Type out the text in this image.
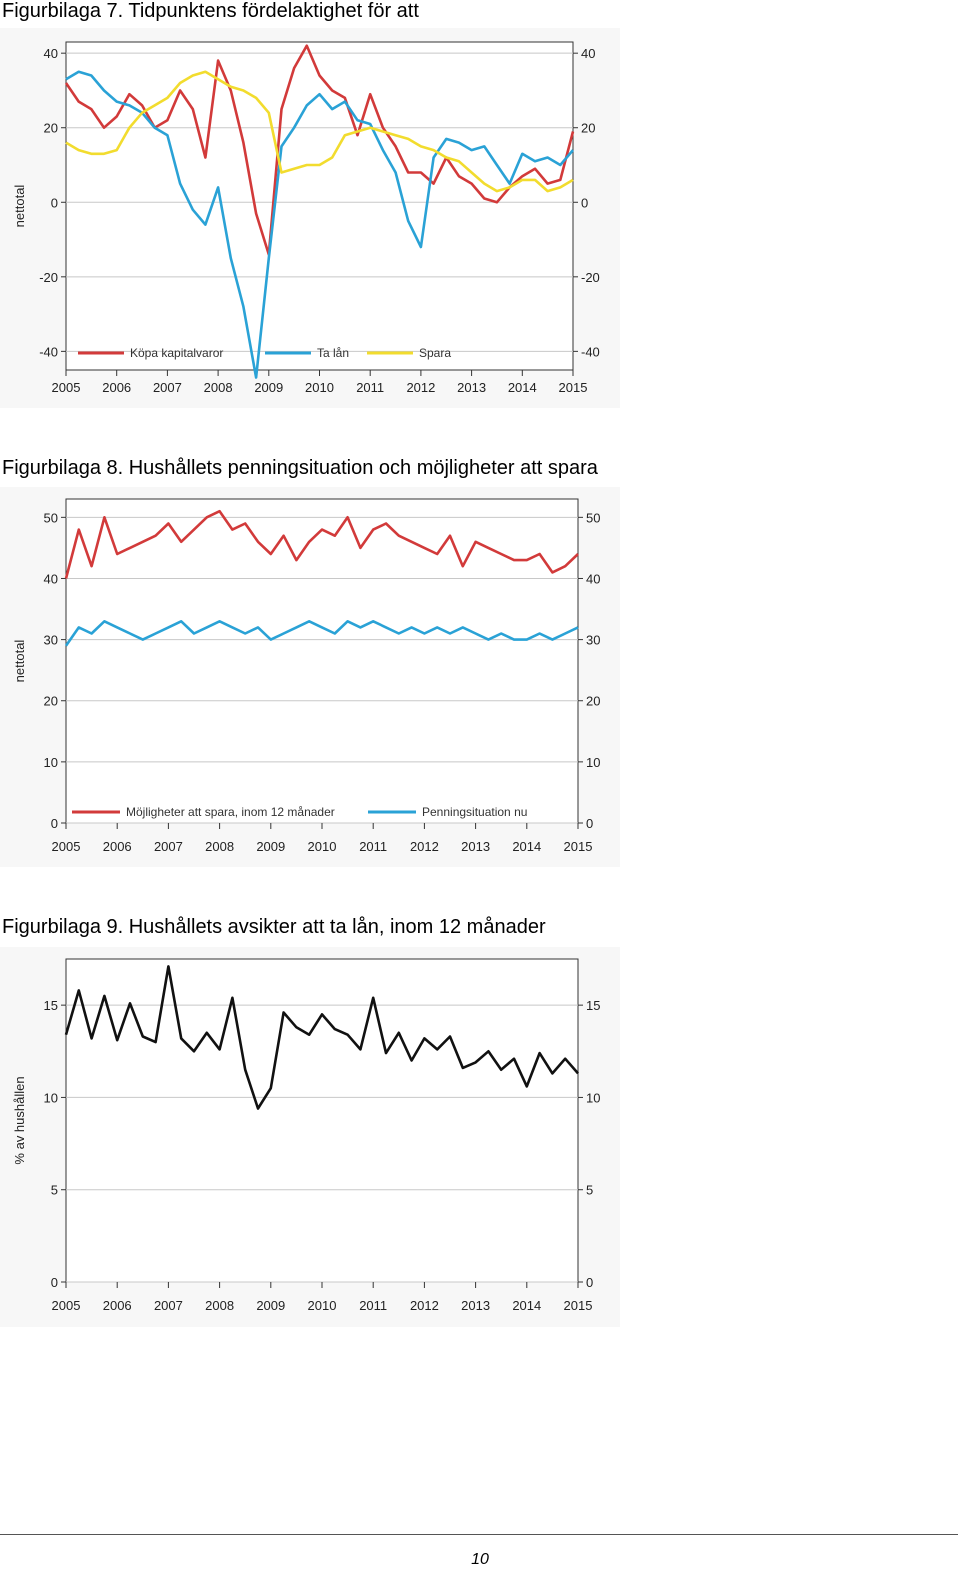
Figurbilaga 7. Tidpunktens fördelaktighet för att
40	40
20	20
0	0
-20	-20
-40	-40
2005 2006 2007 2008 2009 2010 2011 2012 2013 2014 2015
nettotal
Köpa kapitalvaror	Ta lån	Spara
Figurbilaga 8. Hushållets penningsituation och möjligheter att spara
50	50
40	40
30	30
20	20
10	10
0	0
2005 2006 2007 2008 2009 2010 2011 2012 2013 2014 2015
nettotal
Möjligheter att spara, inom 12 månader	Penningsituation nu
Figurbilaga 9. Hushållets avsikter att ta lån, inom 12 månader
15	15
10	10
5	5
0	0
2005 2006 2007 2008 2009 2010 2011 2012 2013 2014 2015
% av hushållen
10
